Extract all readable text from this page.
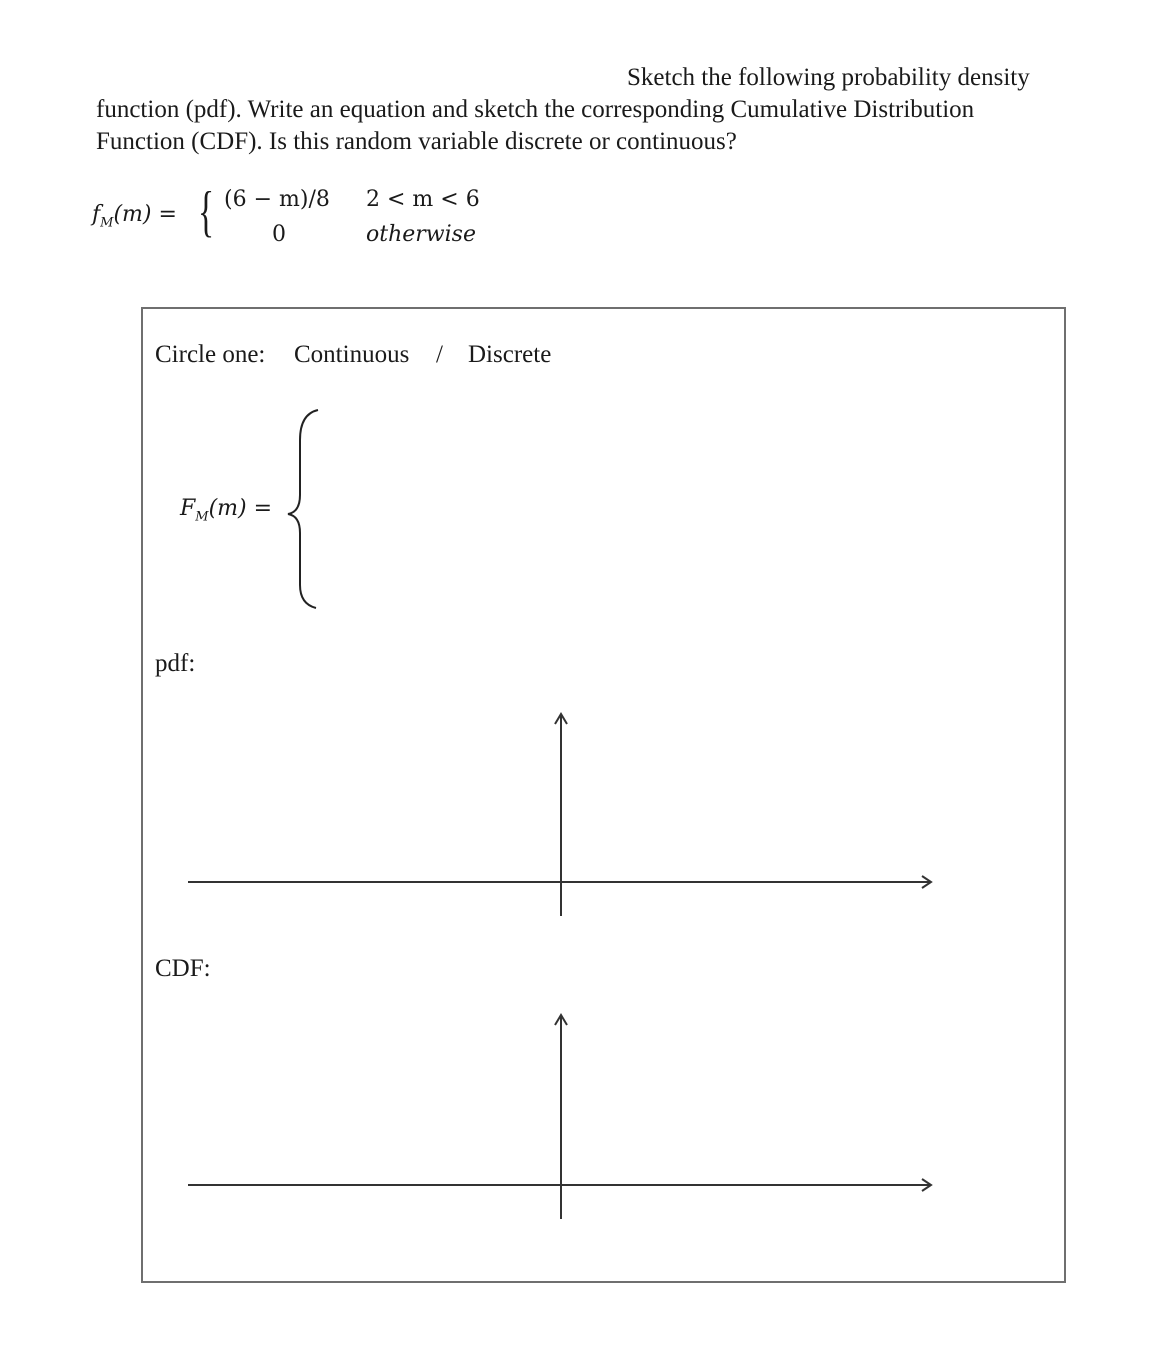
Sketch the following probability density
function (pdf). Write an equation and sketch the corresponding Cumulative Distribution
Function (CDF). Is this random variable discrete or continuous?
$f_M(m)$ = { (6 − m)/8 2 < m < 6
0	otherwise
Circle one: Continuous / Discrete
$F_M(m)$ =
pdf:
CDF:
